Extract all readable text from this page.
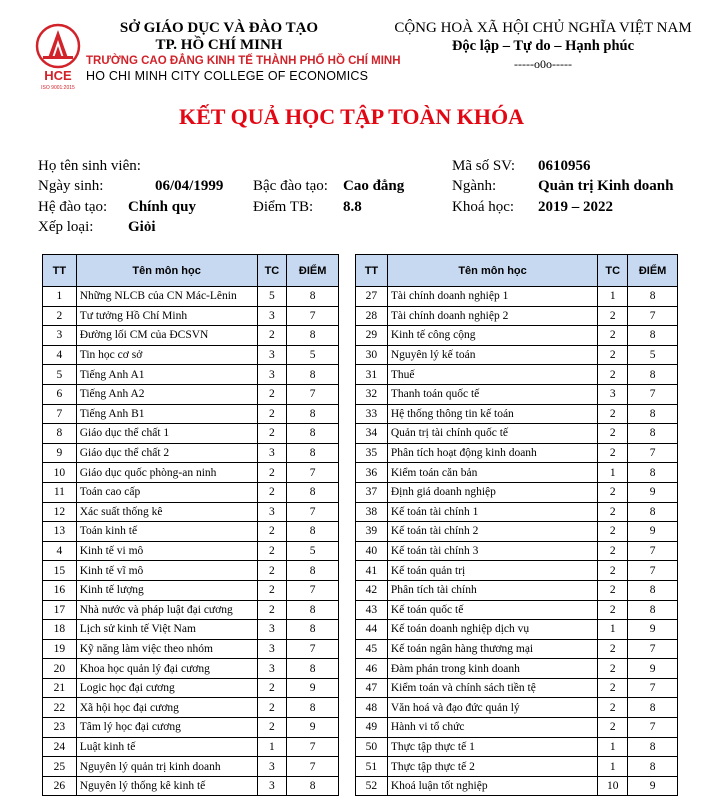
HCE
ISO 9001:2015
SỞ GIÁO DỤC VÀ ĐÀO TẠO
TP. HỒ CHÍ MINH
TRƯỜNG CAO ĐẲNG KINH TẾ THÀNH PHỐ HỒ CHÍ MINH
HO CHI MINH CITY COLLEGE OF ECONOMICS
CỘNG HOÀ XÃ HỘI CHỦ NGHĨA VIỆT NAM
Độc lập – Tự do – Hạnh phúc
-----o0o-----
KẾT QUẢ HỌC TẬP TOÀN KHÓA
Họ tên sinh viên:	Mã số SV: 0610956
Ngày sinh:	06/04/1999 Bậc đào tạo: Cao đẳng	Ngành:	Quản trị Kinh doanh
Hệ đào tạo: Chính quy	Điểm TB: 8.8	Khoá học: 2019 – 2022
Xếp loại: Giỏi
TT	Tên môn học	TC	ĐIỂM
1	Những NLCB của CN Mác-Lênin	5	8
2	Tư tưởng Hồ Chí Minh	3	7
3	Đường lối CM của ĐCSVN	2	8
4	Tin học cơ sở	3	5
5	Tiếng Anh A1	3	8
6	Tiếng Anh A2	2	7
7	Tiếng Anh B1	2	8
8	Giáo dục thể chất 1	2	8
9	Giáo dục thể chất 2	3	8
10	Giáo dục quốc phòng-an ninh	2	7
11	Toán cao cấp	2	8
12	Xác suất thống kê	3	7
13	Toán kinh tế	2	8
4	Kinh tế vi mô	2	5
15	Kinh tế vĩ mô	2	8
16	Kinh tế lượng	2	7
17	Nhà nước và pháp luật đại cương	2	8
18	Lịch sử kinh tế Việt Nam	3	8
19	Kỹ năng làm việc theo nhóm	3	7
20	Khoa học quản lý đại cương	3	8
21	Logic học đại cương	2	9
22	Xã hội học đại cương	2	8
23	Tâm lý học đại cương	2	9
24	Luật kinh tế	1	7
25	Nguyên lý quản trị kinh doanh	3	7
26	Nguyên lý thống kê kinh tế	3	8
TT	Tên môn học	TC	ĐIỂM
27	Tài chính doanh nghiệp 1	1	8
28	Tài chính doanh nghiệp 2	2	7
29	Kinh tế công cộng	2	8
30	Nguyên lý kế toán	2	5
31	Thuế	2	8
32	Thanh toán quốc tế	3	7
33	Hệ thống thông tin kế toán	2	8
34	Quản trị tài chính quốc tế	2	8
35	Phân tích hoạt động kinh doanh	2	7
36	Kiểm toán căn bản	1	8
37	Định giá doanh nghiệp	2	9
38	Kế toán tài chính 1	2	8
39	Kế toán tài chính 2	2	9
40	Kế toán tài chính 3	2	7
41	Kế toán quản trị	2	7
42	Phân tích tài chính	2	8
43	Kế toán quốc tế	2	8
44	Kế toán doanh nghiệp dịch vụ	1	9
45	Kế toán ngân hàng thương mại	2	7
46	Đàm phán trong kinh doanh	2	9
47	Kiểm toán và chính sách tiền tệ	2	7
48	Văn hoá và đạo đức quản lý	2	8
49	Hành vi tổ chức	2	7
50	Thực tập thực tế 1	1	8
51	Thực tập thực tế 2	1	8
52	Khoá luận tốt nghiệp	10	9
